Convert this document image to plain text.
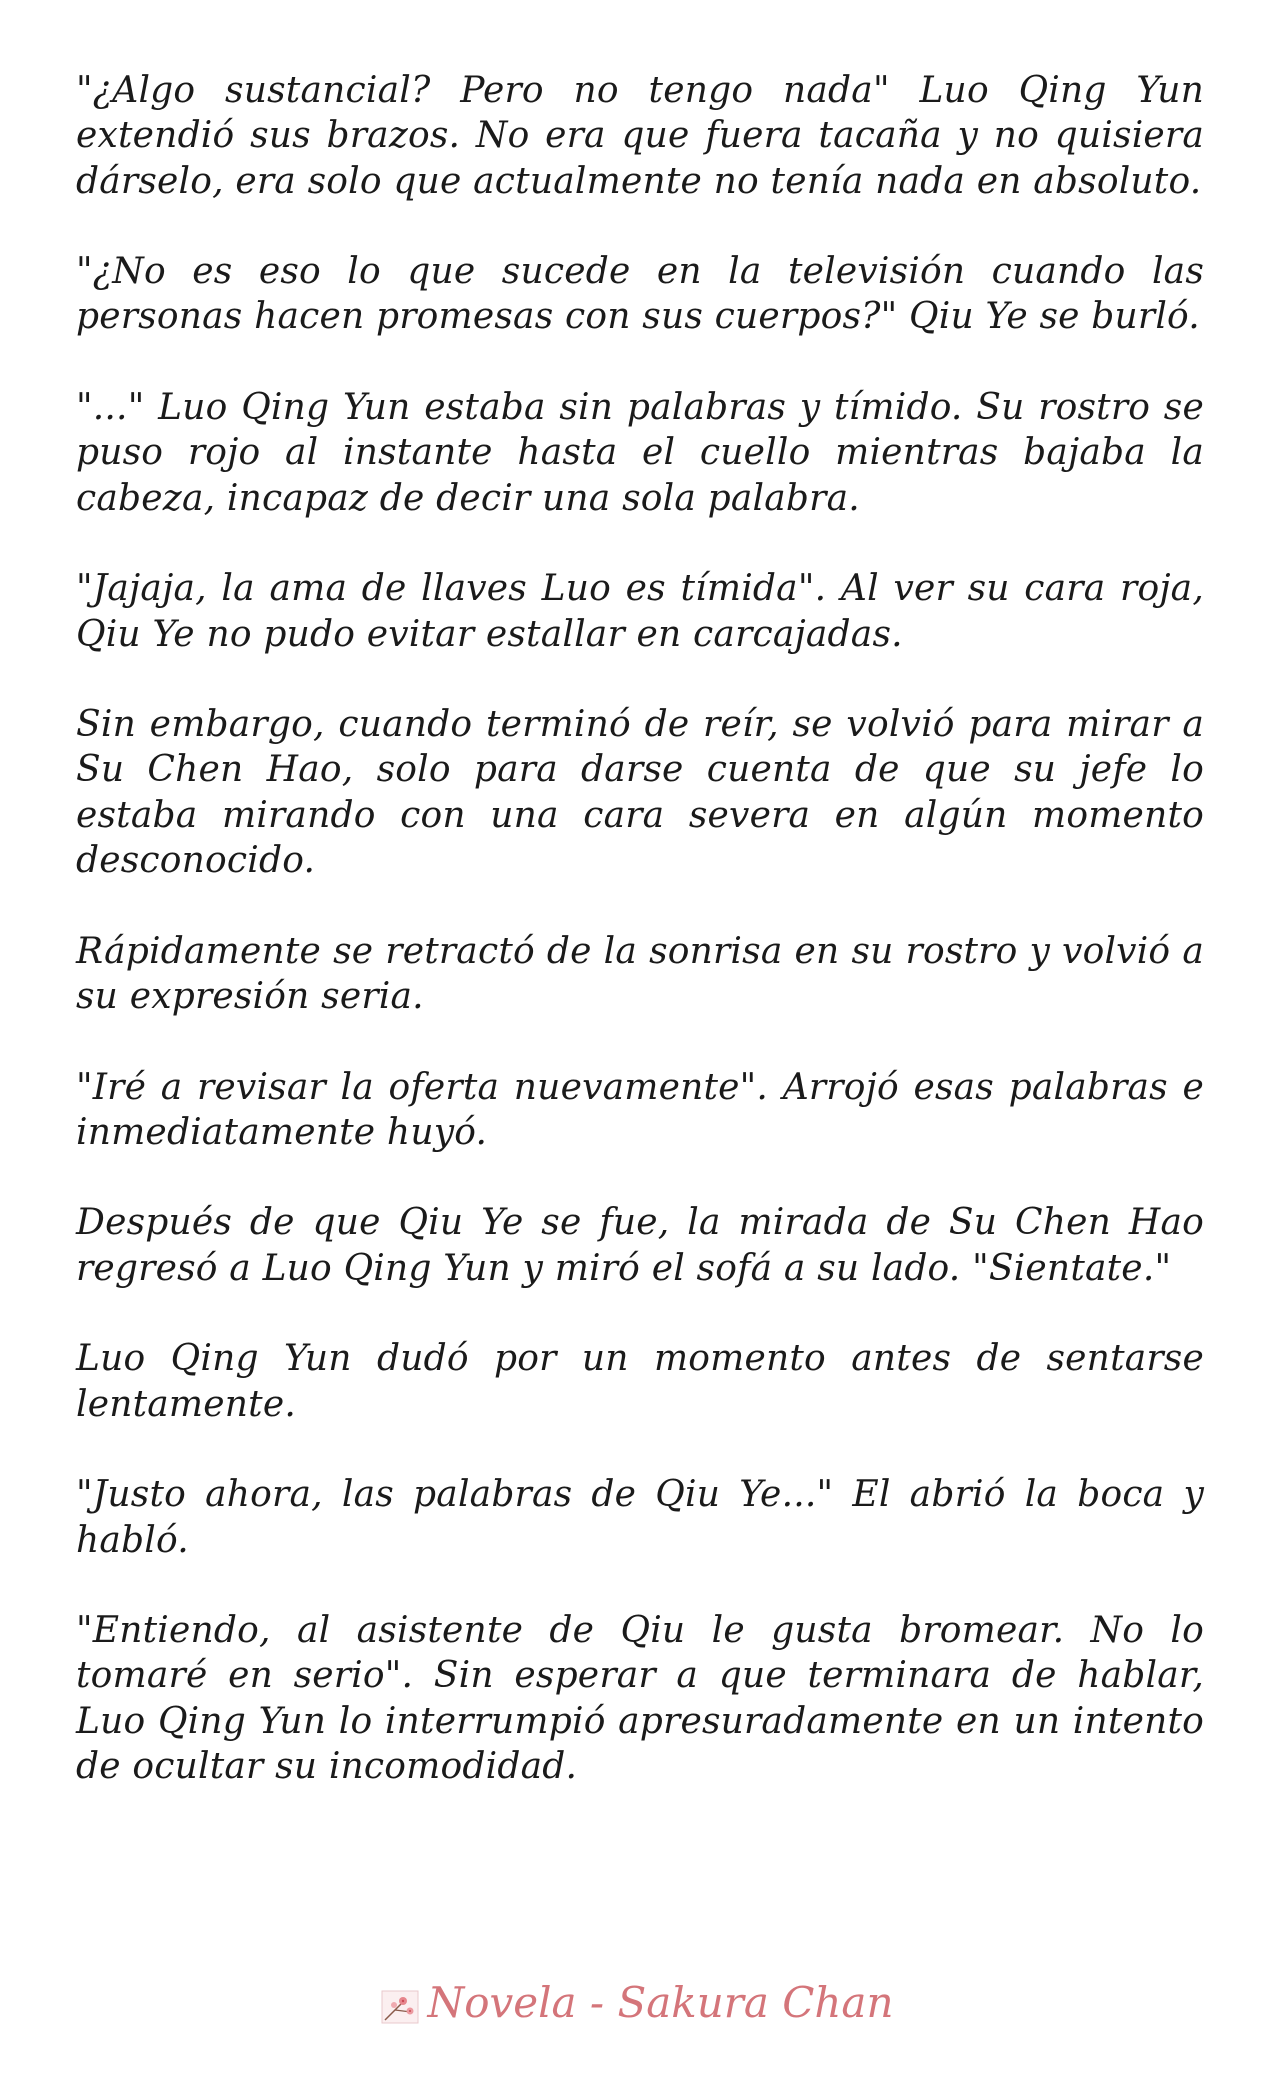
"¿Algo sustancial? Pero no tengo nada" Luo Qing Yun extendió sus brazos. No era que fuera tacaña y no quisiera dárselo, era solo que actualmente no tenía nada en absoluto.

"¿No es eso lo que sucede en la televisión cuando las personas hacen promesas con sus cuerpos?" Qiu Ye se burló.

"..." Luo Qing Yun estaba sin palabras y tímido. Su rostro se puso rojo al instante hasta el cuello mientras bajaba la cabeza, incapaz de decir una sola palabra.

"Jajaja, la ama de llaves Luo es tímida". Al ver su cara roja, Qiu Ye no pudo evitar estallar en carcajadas.

Sin embargo, cuando terminó de reír, se volvió para mirar a Su Chen Hao, solo para darse cuenta de que su jefe lo estaba mirando con una cara severa en algún momento desconocido.

Rápidamente se retractó de la sonrisa en su rostro y volvió a su expresión seria.

"Iré a revisar la oferta nuevamente". Arrojó esas palabras e inmediatamente huyó.

Después de que Qiu Ye se fue, la mirada de Su Chen Hao regresó a Luo Qing Yun y miró el sofá a su lado. "Sientate."

Luo Qing Yun dudó por un momento antes de sentarse lentamente.

"Justo ahora, las palabras de Qiu Ye..." El abrió la boca y habló.

"Entiendo, al asistente de Qiu le gusta bromear. No lo tomaré en serio". Sin esperar a que terminara de hablar, Luo Qing Yun lo interrumpió apresuradamente en un intento de ocultar su incomodidad.

Novela - Sakura Chan
